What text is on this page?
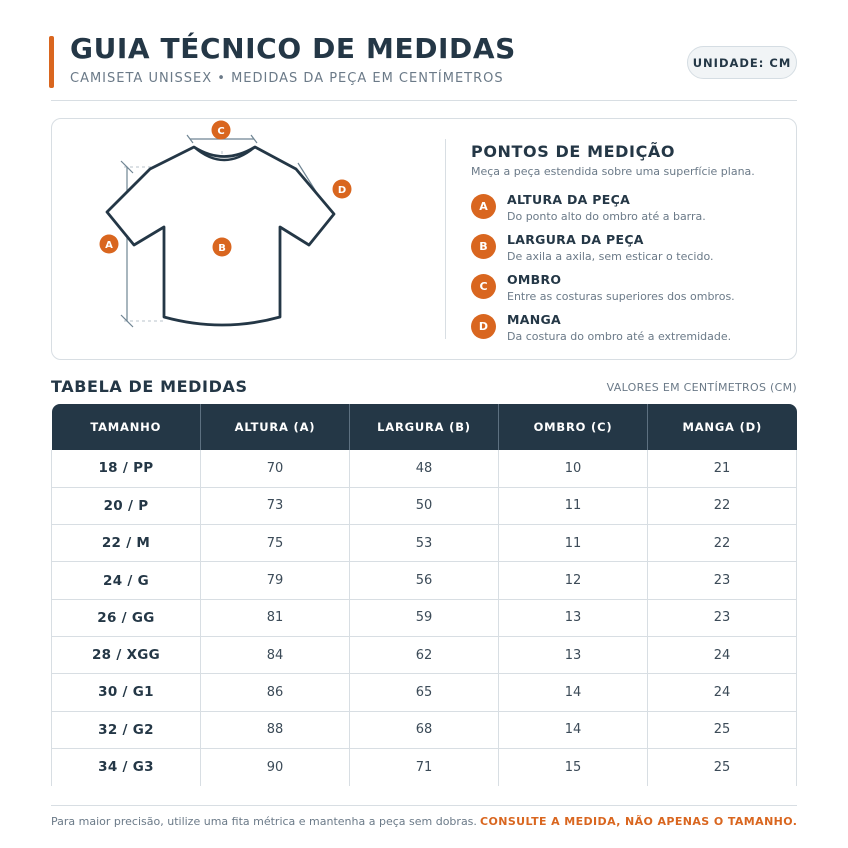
GUIA TÉCNICO DE MEDIDAS
CAMISETA UNISSEX • MEDIDAS DA PEÇA EM CENTÍMETROS
UNIDADE: CM
A	B
C
D
PONTOS DE MEDIÇÃO
Meça a peça estendida sobre uma superfície plana.
A	ALTURA DA PEÇA
Do ponto alto do ombro até a barra.
B	LARGURA DA PEÇA
De axila a axila, sem esticar o tecido.
C	OMBRO
Entre as costuras superiores dos ombros.
D	MANGA
Da costura do ombro até a extremidade.
TABELA DE MEDIDAS	VALORES EM CENTÍMETROS (CM)
TAMANHO	ALTURA (A)	LARGURA (B)	OMBRO (C)	MANGA (D)
18 / PP	70	48	10	21
20 / P	73	50	11	22
22 / M	75	53	11	22
24 / G	79	56	12	23
26 / GG	81	59	13	23
28 / XGG	84	62	13	24
30 / G1	86	65	14	24
32 / G2	88	68	14	25
34 / G3	90	71	15	25
Para maior precisão, utilize uma fita métrica e mantenha a peça sem dobras. CONSULTE A MEDIDA, NÃO APENAS O TAMANHO.
